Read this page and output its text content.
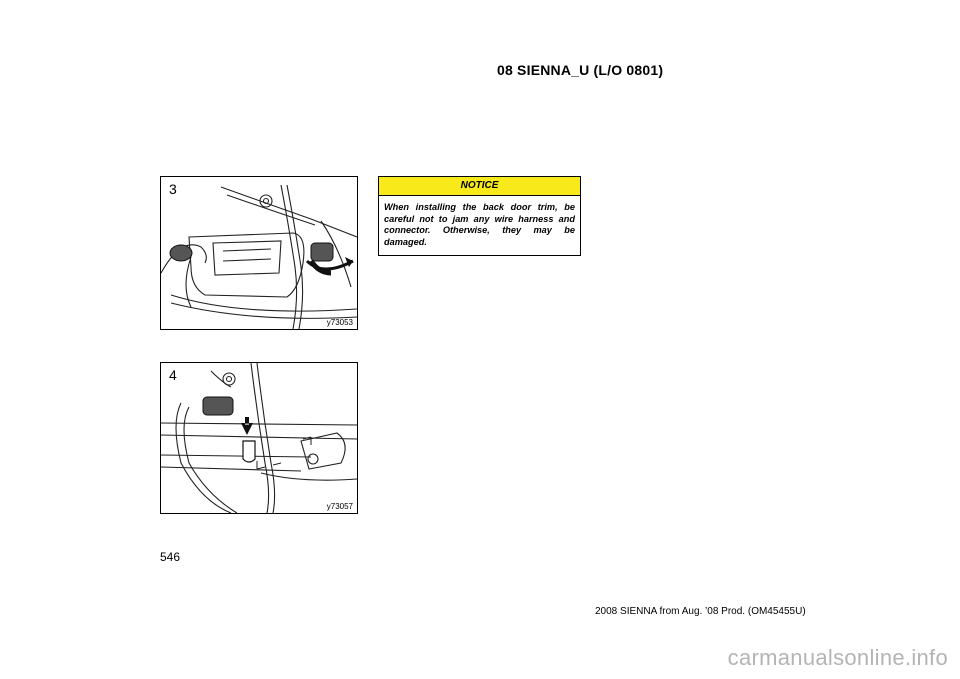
08 SIENNA_U (L/O 0801)
3
y73053
4
y73057
NOTICE
When installing the back door trim, be careful not to jam any wire harness and connector. Otherwise, they may be damaged.
546
2008 SIENNA from Aug. ’08 Prod. (OM45455U)
carmanualsonline.info
